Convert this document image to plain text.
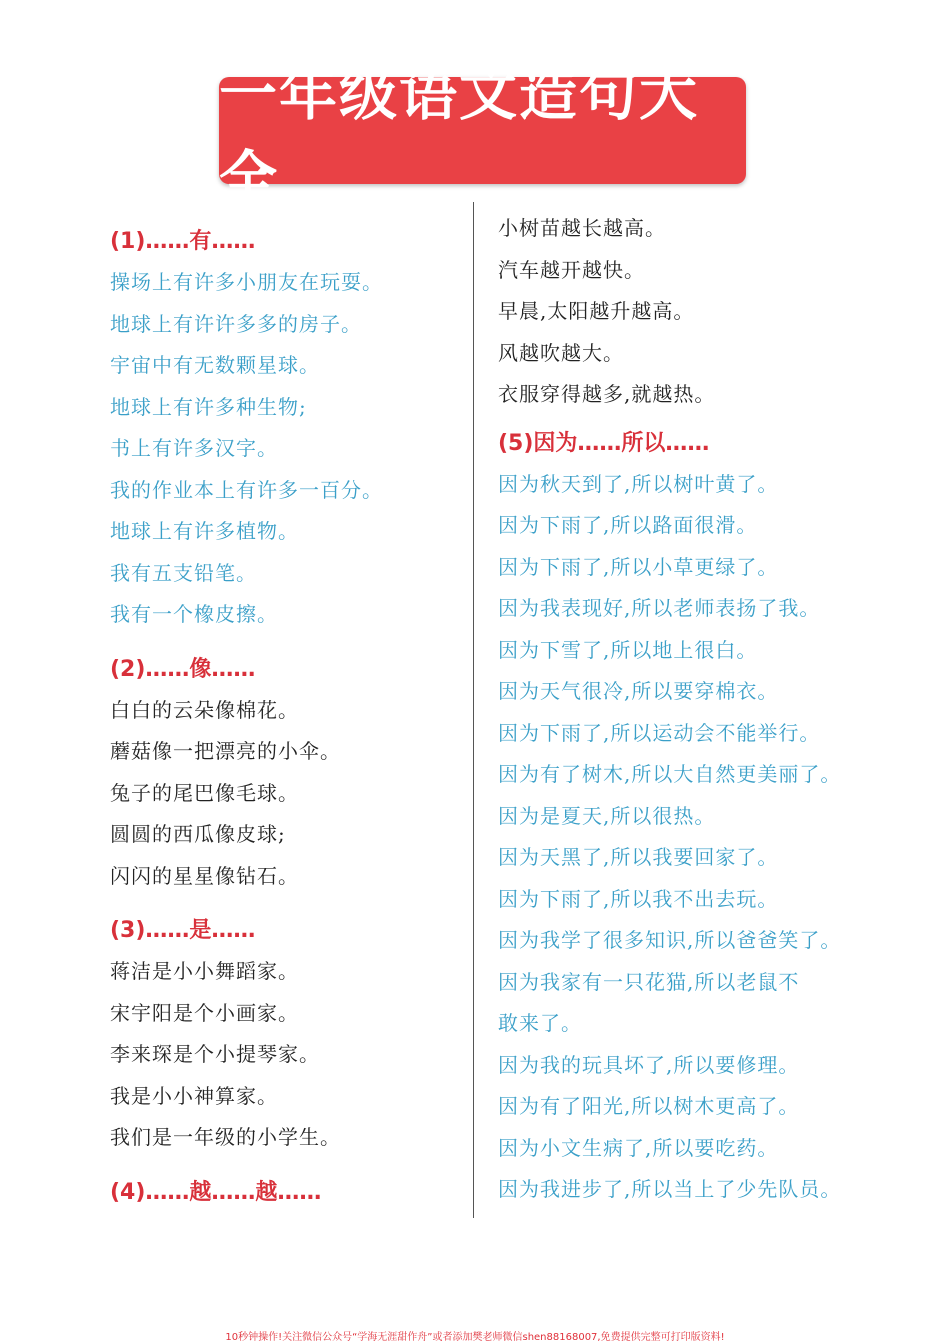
一年级语文造句大全
(1)……有……
操场上有许多小朋友在玩耍。
地球上有许许多多的房子。
宇宙中有无数颗星球。
地球上有许多种生物;
书上有许多汉字。
我的作业本上有许多一百分。
地球上有许多植物。
我有五支铅笔。
我有一个橡皮擦。
(2)……像……
白白的云朵像棉花。
蘑菇像一把漂亮的小伞。
兔子的尾巴像毛球。
圆圆的西瓜像皮球;
闪闪的星星像钻石。
(3)……是……
蒋洁是小小舞蹈家。
宋宇阳是个小画家。
李来琛是个小提琴家。
我是小小神算家。
我们是一年级的小学生。
(4)……越……越……
小树苗越长越高。
汽车越开越快。
早晨,太阳越升越高。
风越吹越大。
衣服穿得越多,就越热。
(5)因为……所以……
因为秋天到了,所以树叶黄了。
因为下雨了,所以路面很滑。
因为下雨了,所以小草更绿了。
因为我表现好,所以老师表扬了我。
因为下雪了,所以地上很白。
因为天气很冷,所以要穿棉衣。
因为下雨了,所以运动会不能举行。
因为有了树木,所以大自然更美丽了。
因为是夏天,所以很热。
因为天黑了,所以我要回家了。
因为下雨了,所以我不出去玩。
因为我学了很多知识,所以爸爸笑了。
因为我家有一只花猫,所以老鼠不
敢来了。
因为我的玩具坏了,所以要修理。
因为有了阳光,所以树木更高了。
因为小文生病了,所以要吃药。
因为我进步了,所以当上了少先队员。
10秒钟操作!关注微信公众号“学海无涯甜作舟”或者添加樊老师微信shen88168007,免费提供完整可打印版资料!
